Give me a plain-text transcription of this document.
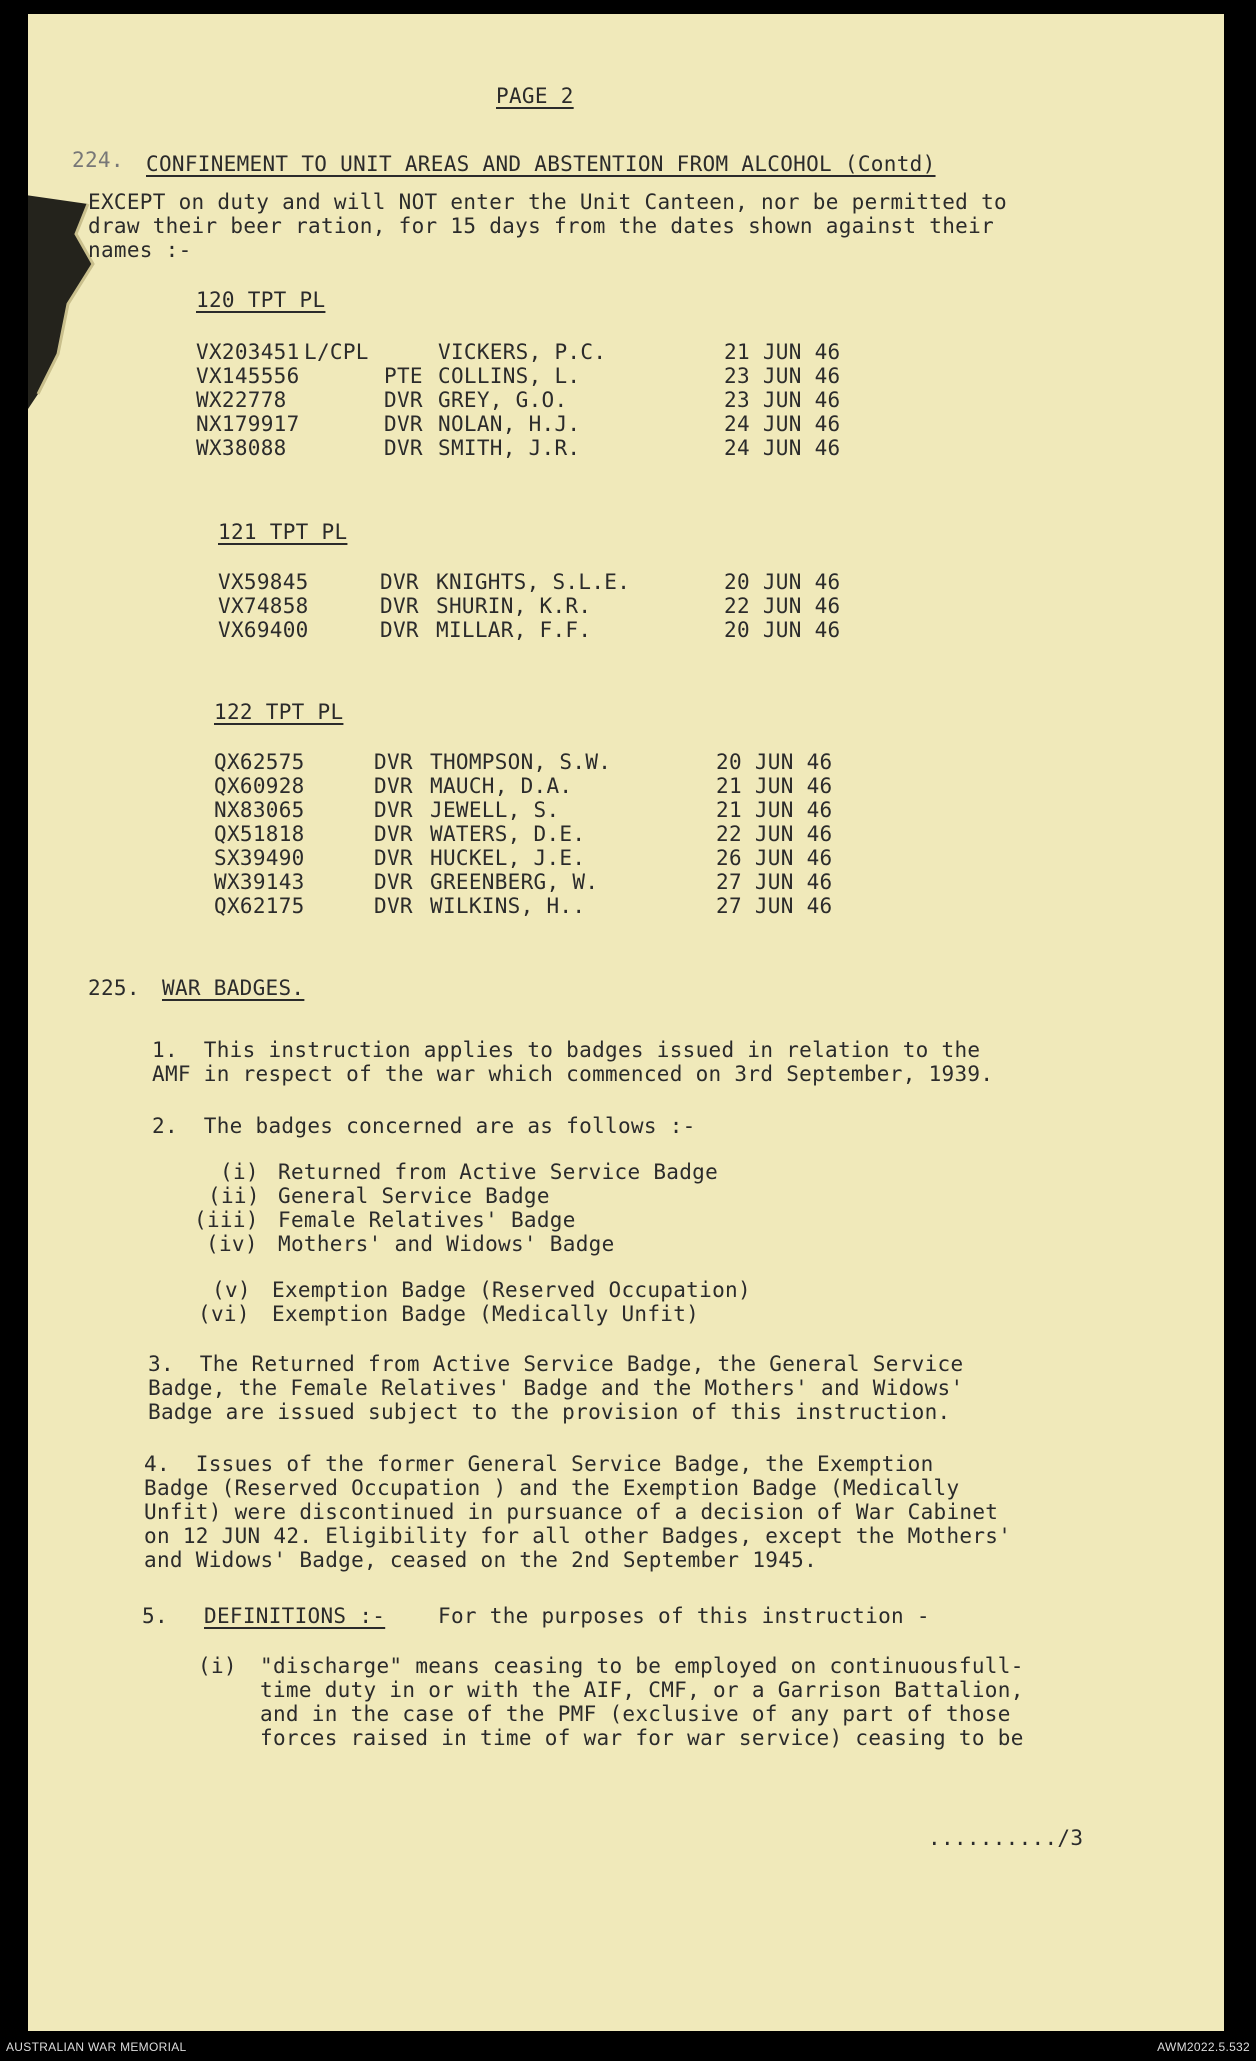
PAGE 2
224. CONFINEMENT TO UNIT AREAS AND ABSTENTION FROM ALCOHOL (Contd)
EXCEPT on duty and will NOT enter the Unit Canteen, nor be permitted to
draw their beer ration, for 15 days from the dates shown against their
names :-
120 TPT PL
VX203451 L/CPL	VICKERS, P.C.	21 JUN 46
VX145556	PTE COLLINS, L.	23 JUN 46
WX22778	DVR GREY, G.O.	23 JUN 46
NX179917	DVR NOLAN, H.J.	24 JUN 46
WX38088	DVR SMITH, J.R.	24 JUN 46
121 TPT PL
VX59845	DVR KNIGHTS, S.L.E.	20 JUN 46
VX74858	DVR SHURIN, K.R.	22 JUN 46
VX69400	DVR MILLAR, F.F.	20 JUN 46
122 TPT PL
QX62575	DVR THOMPSON, S.W.	20 JUN 46
QX60928	DVR MAUCH, D.A.	21 JUN 46
NX83065	DVR JEWELL, S.	21 JUN 46
QX51818	DVR WATERS, D.E.	22 JUN 46
SX39490	DVR HUCKEL, J.E.	26 JUN 46
WX39143	DVR GREENBERG, W.	27 JUN 46
QX62175	DVR WILKINS, H..	27 JUN 46
225. WAR BADGES.
1.  This instruction applies to badges issued in relation to the
AMF in respect of the war which commenced on 3rd September, 1939.
2.  The badges concerned are as follows :-
(i) Returned from Active Service Badge
(ii) General Service Badge
(iii) Female Relatives' Badge
(iv) Mothers' and Widows' Badge
(v) Exemption Badge (Reserved Occupation)
(vi) Exemption Badge (Medically Unfit)
3.  The Returned from Active Service Badge, the General Service
Badge, the Female Relatives' Badge and the Mothers' and Widows'
Badge are issued subject to the provision of this instruction.
4.  Issues of the former General Service Badge, the Exemption
Badge (Reserved Occupation ) and the Exemption Badge (Medically
Unfit) were discontinued in pursuance of a decision of War Cabinet
on 12 JUN 42. Eligibility for all other Badges, except the Mothers'
and Widows' Badge, ceased on the 2nd September 1945.
5. DEFINITIONS :-	For the purposes of this instruction -
(i) "discharge" means ceasing to be employed on continuousfull-
time duty in or with the AIF, CMF, or a Garrison Battalion,
and in the case of the PMF (exclusive of any part of those
forces raised in time of war for war service) ceasing to be
........../3
AUSTRALIAN WAR MEMORIAL	AWM2022.5.532
